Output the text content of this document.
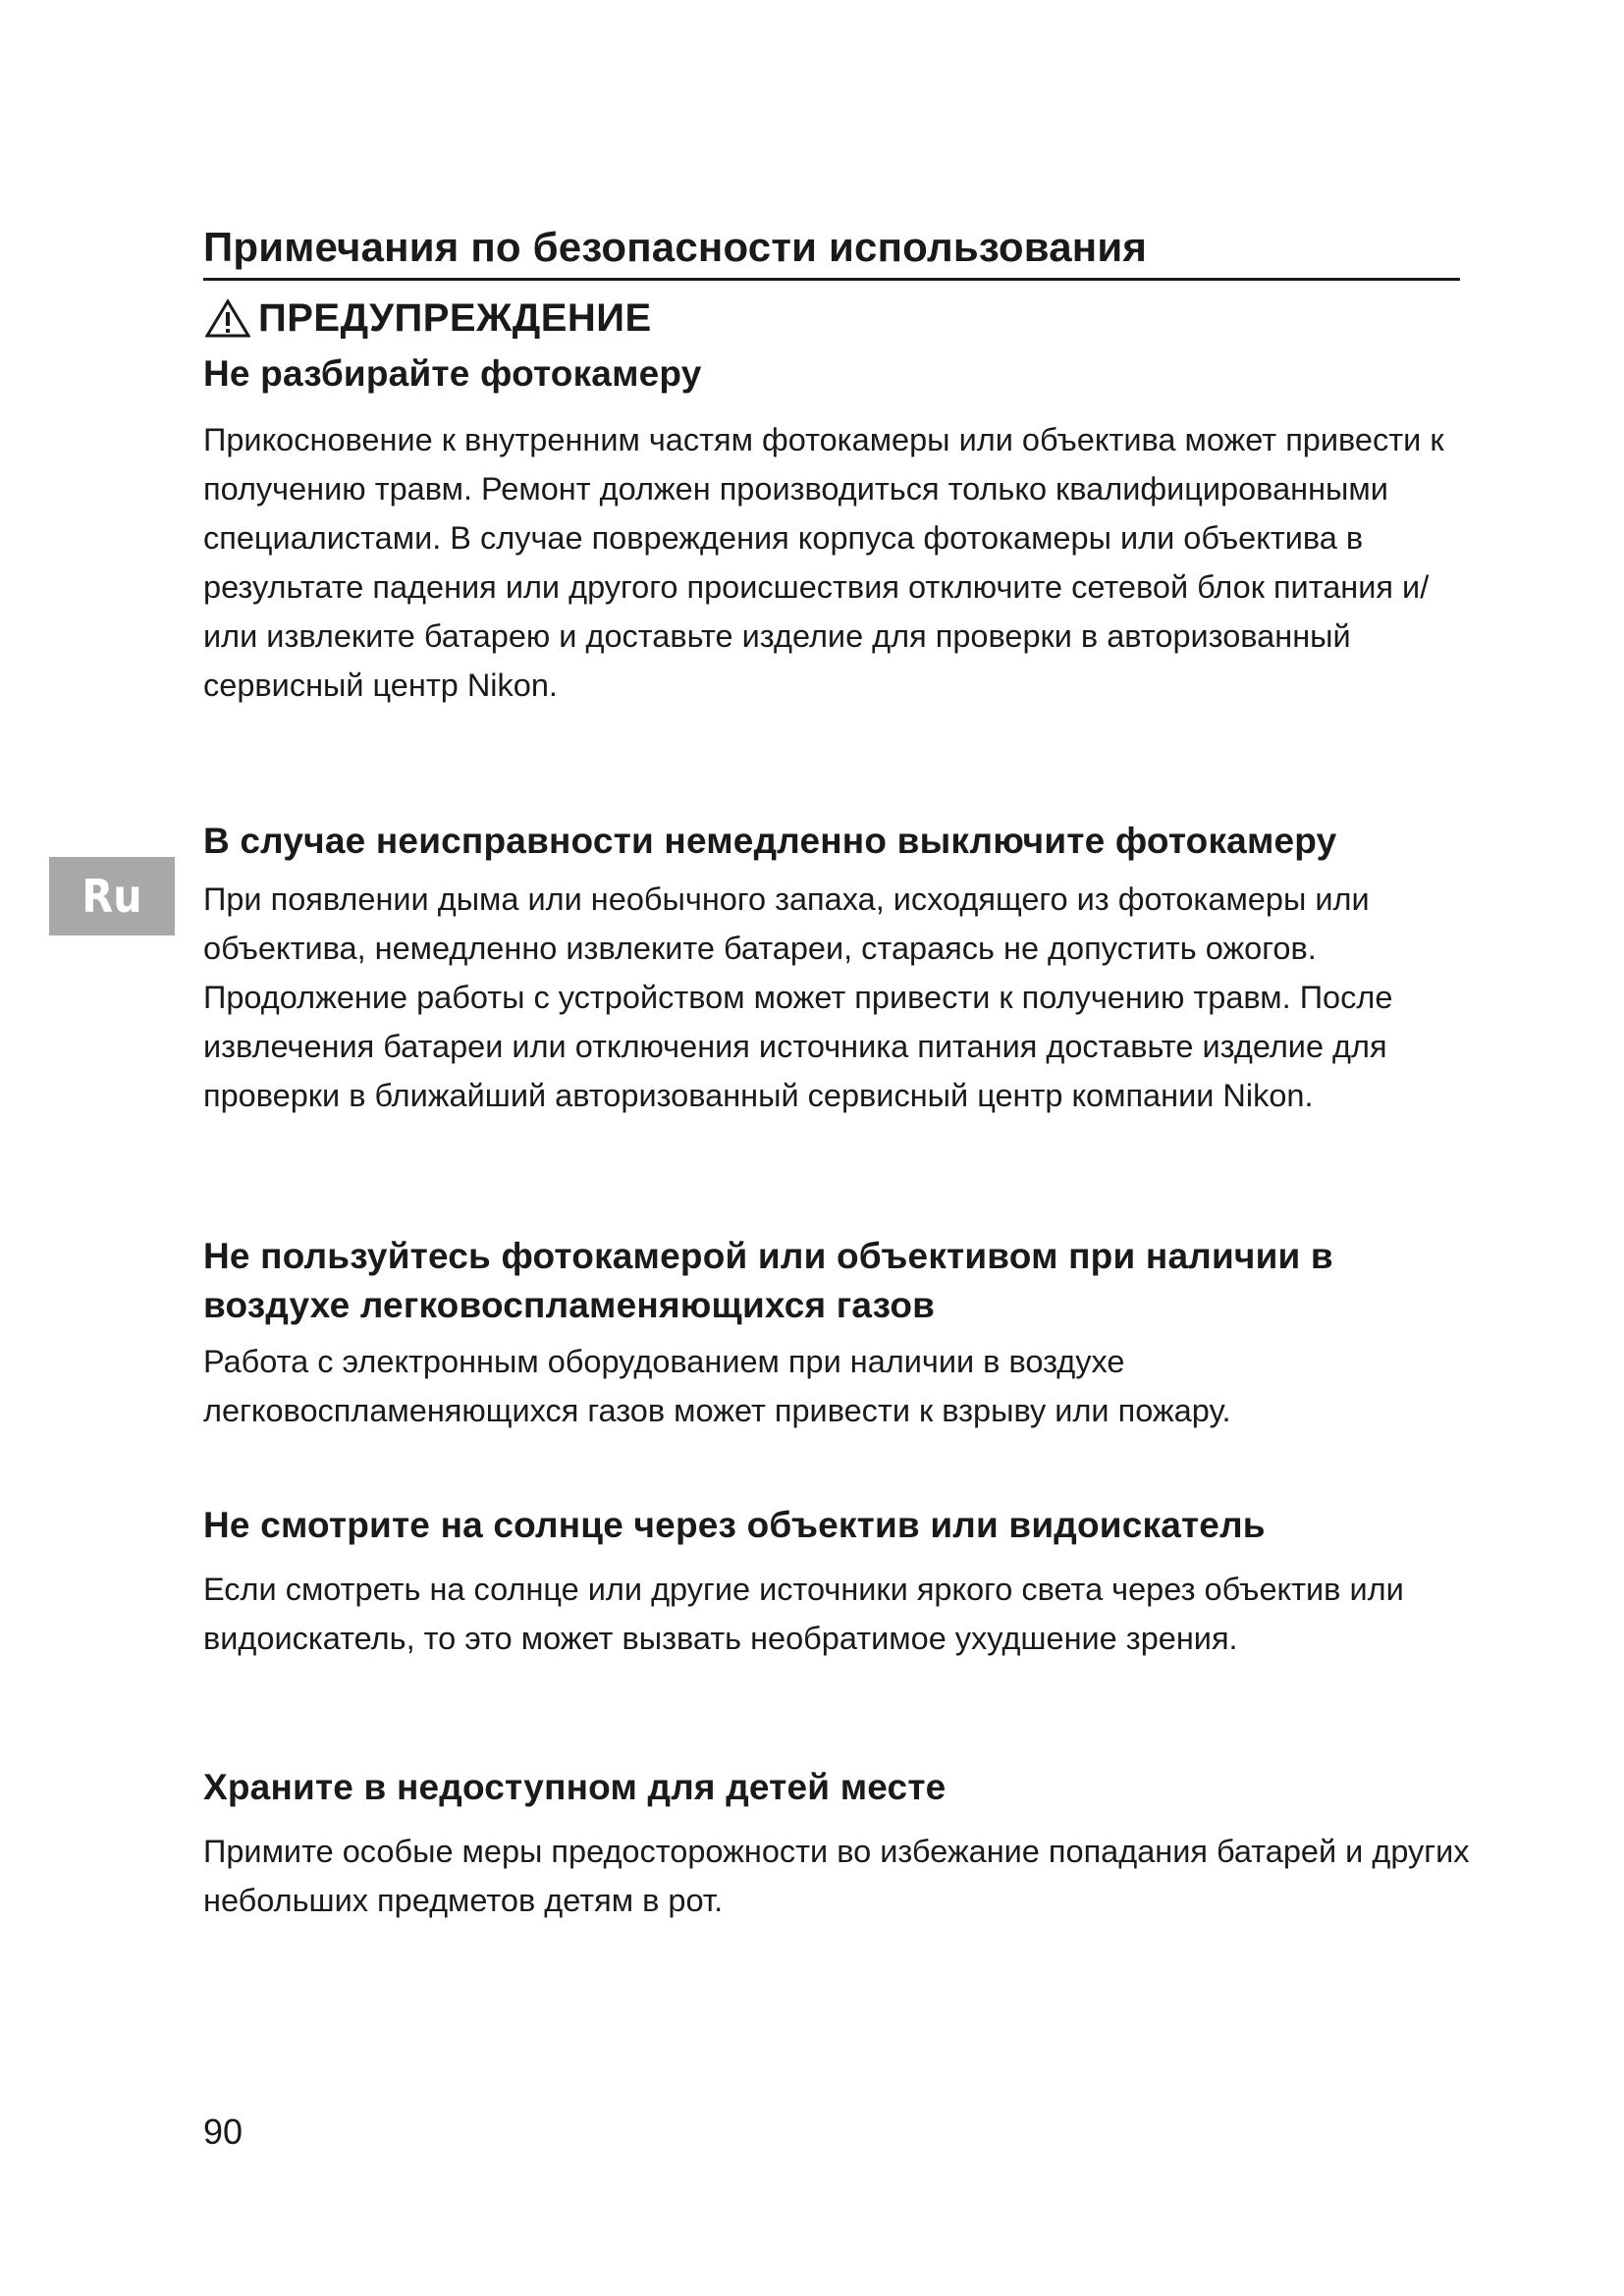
Ru
Примечания по безопасности использования
ПРЕДУПРЕЖДЕНИЕ
Не разбирайте фотокамеру

Прикосновение к внутренним частям фотокамеры или объектива может привести к получению травм. Ремонт должен производиться только квалифицированными специалистами. В случае повреждения корпуса фотокамеры или объектива в результате падения или другого происшествия отключите сетевой блок питания и/или извлеките батарею и доставьте изделие для проверки в авторизованный сервисный центр Nikon.

В случае неисправности немедленно выключите фотокамеру

При появлении дыма или необычного запаха, исходящего из фотокамеры или объектива, немедленно извлеките батареи, стараясь не допустить ожогов. Продолжение работы с устройством может привести к получению травм. После извлечения батареи или отключения источника питания доставьте изделие для проверки в ближайший авторизованный сервисный центр компании Nikon.

Не пользуйтесь фотокамерой или объективом при наличии в воздухе легковоспламеняющихся газов

Работа с электронным оборудованием при наличии в воздухе легковоспламеняющихся газов может привести к взрыву или пожару.

Не смотрите на солнце через объектив или видоискатель

Если смотреть на солнце или другие источники яркого света через объектив или видоискатель, то это может вызвать необратимое ухудшение зрения.

Храните в недоступном для детей месте

Примите особые меры предосторожности во избежание попадания батарей и других небольших предметов детям в рот.

90
